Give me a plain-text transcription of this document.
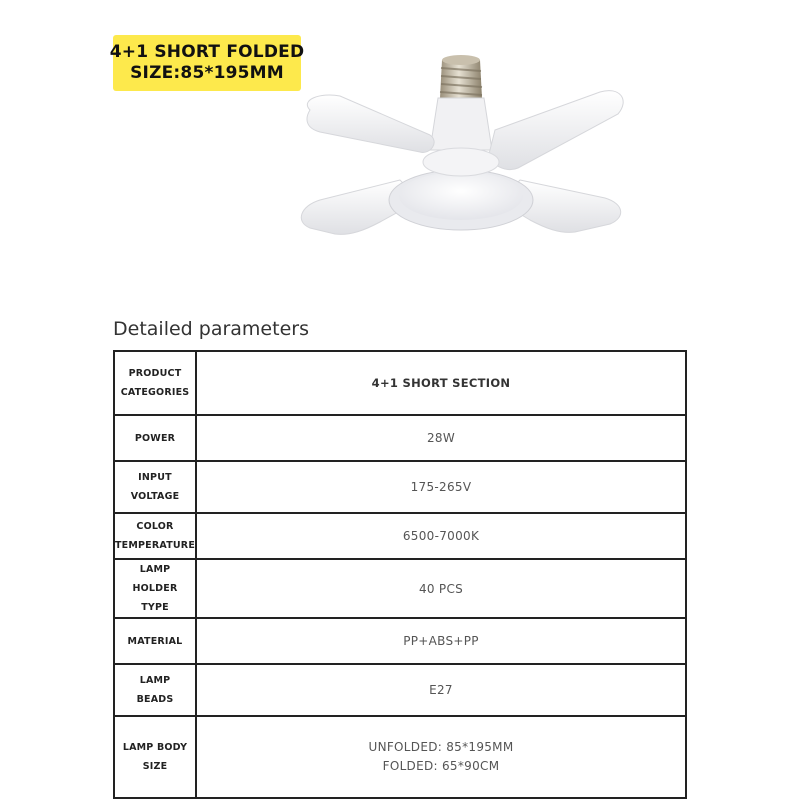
4+1 SHORT FOLDED
SIZE:85*195MM
Detailed parameters
PRODUCT
CATEGORIES	4+1 SHORT SECTION

POWER	28W

INPUT
VOLTAGE	175-265V

COLOR
TEMPERATURE	6500-7000K

LAMP
HOLDER
TYPE	40 PCS

MATERIAL	PP+ABS+PP

LAMP
BEADS	E27

LAMP BODY
SIZE	UNFOLDED: 85*195MM
FOLDED: 65*90CM
